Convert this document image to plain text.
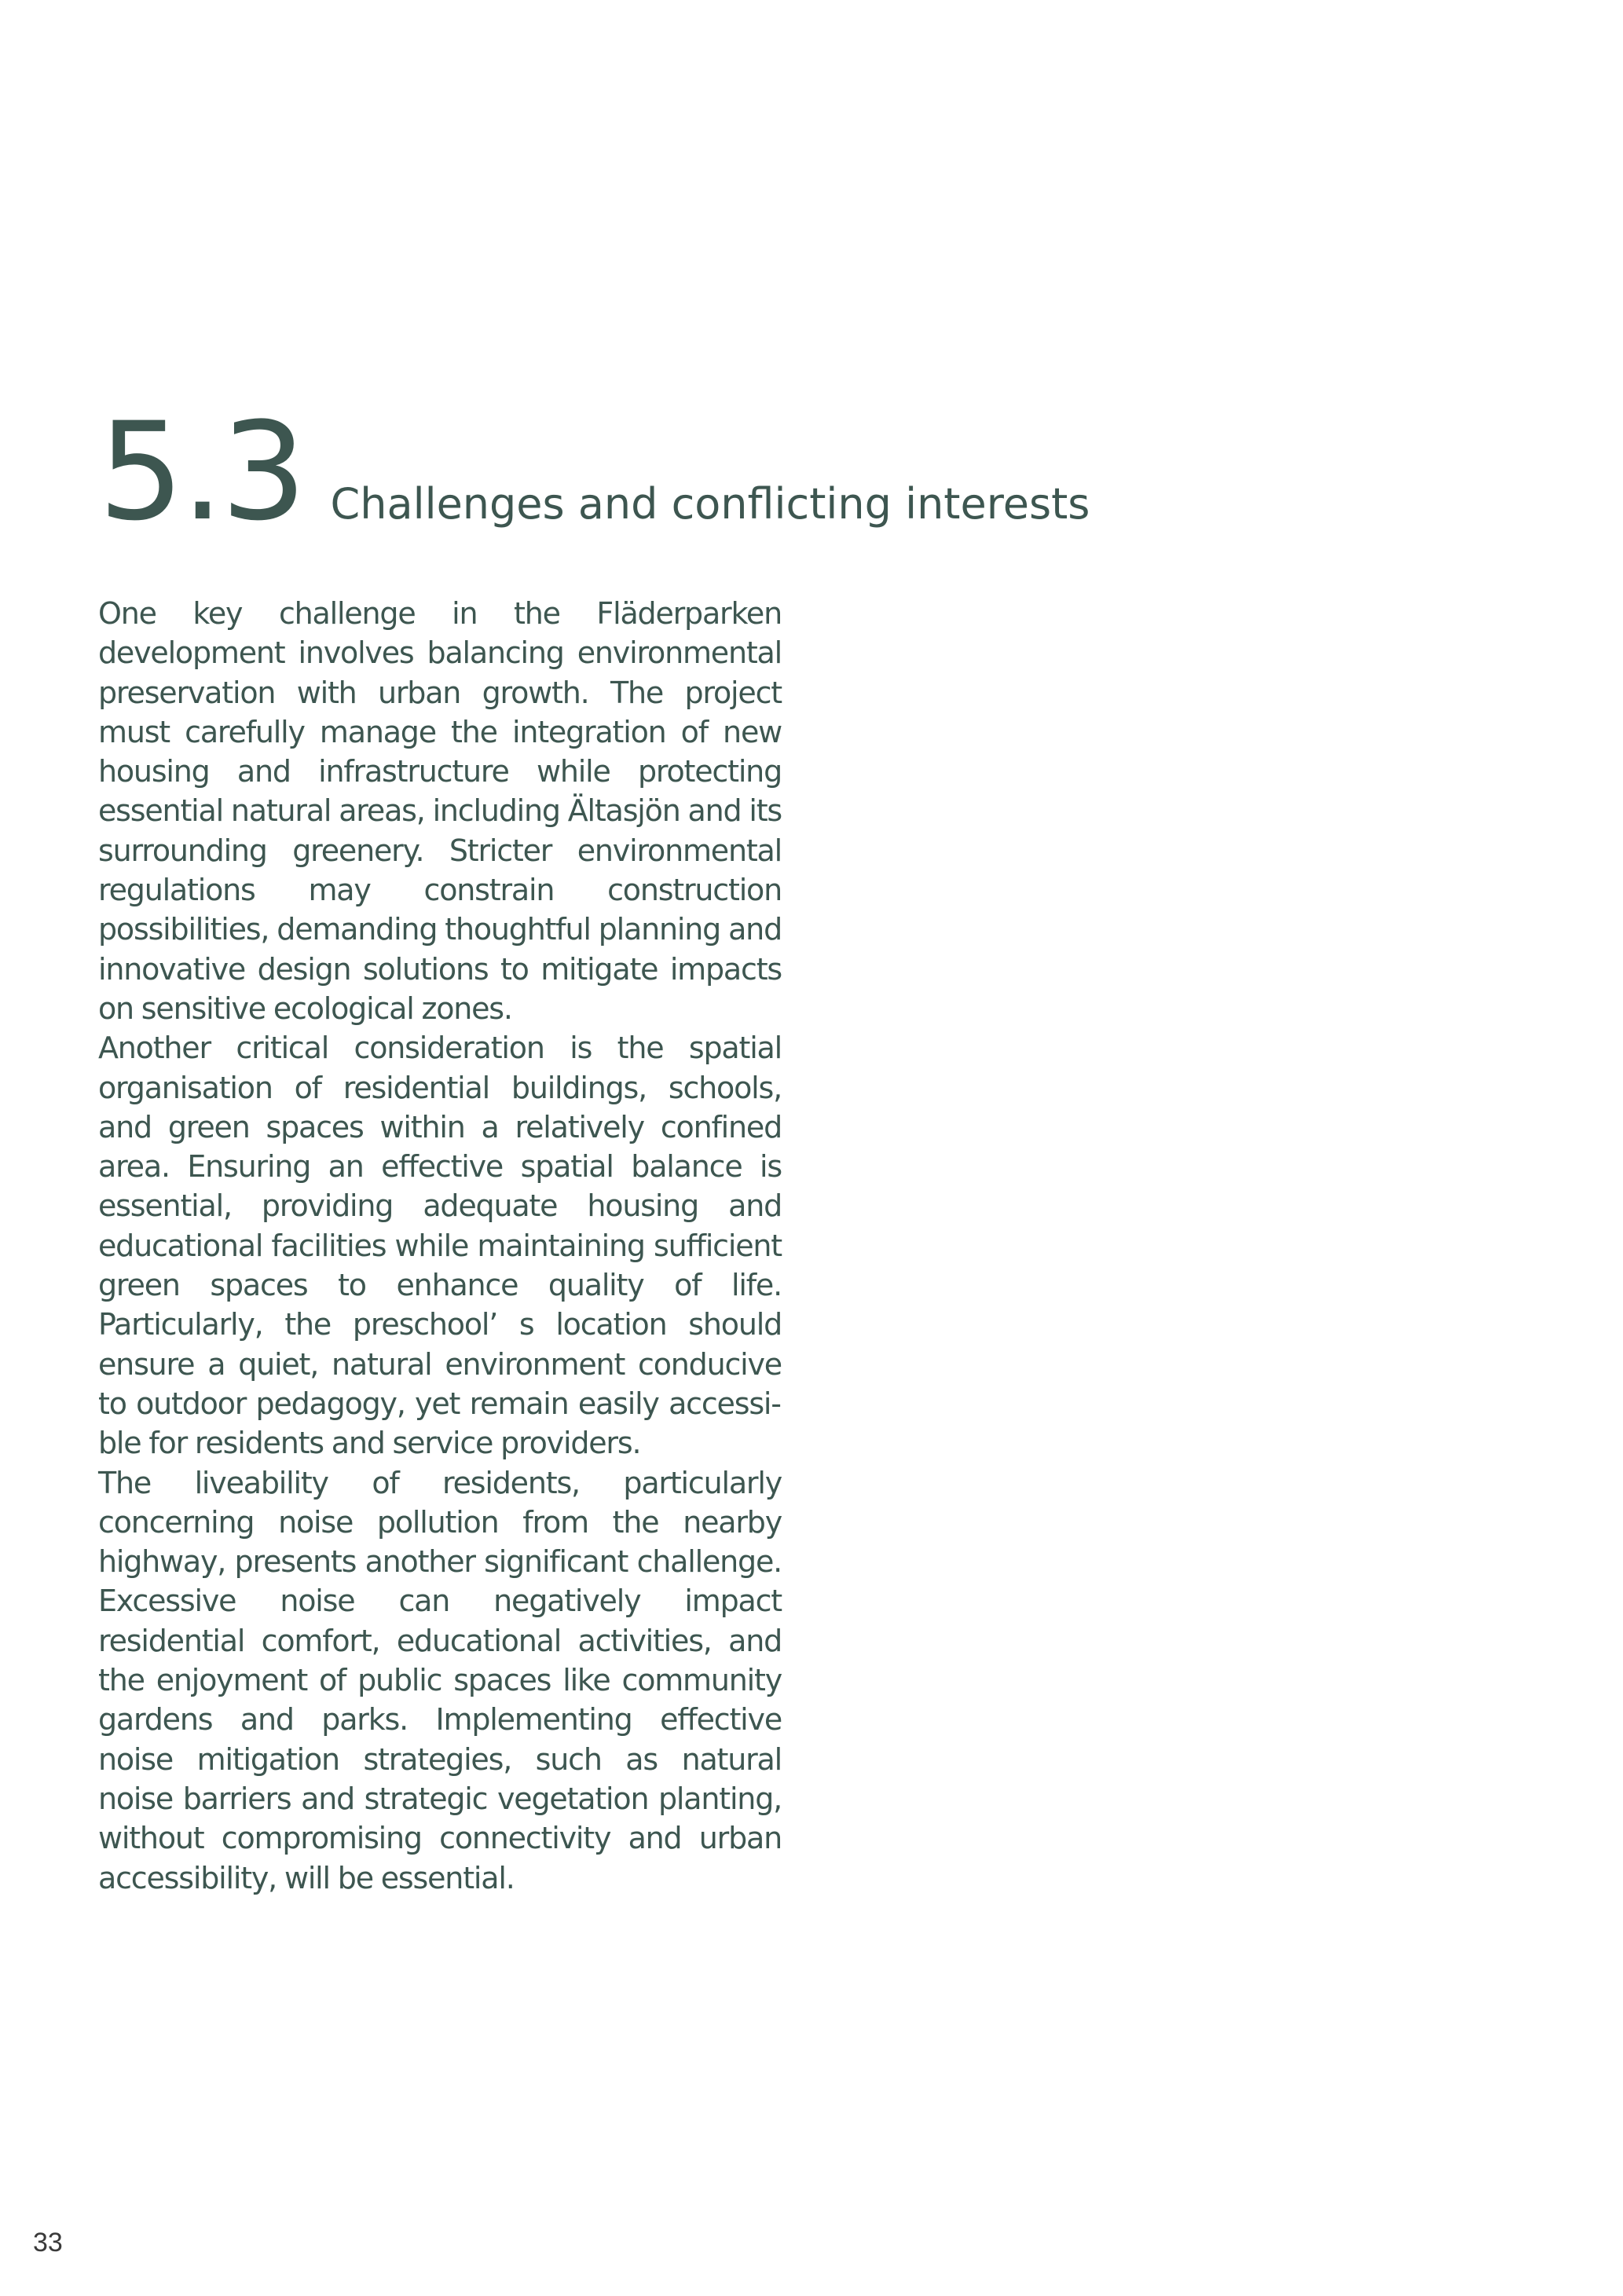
5.3 Challenges and conflicting interests

One key challenge in the Fläderparken development involves balancing environmental preservation with urban growth. The project must carefully manage the integration of new housing and infrastructure while protecting essential natural areas, including Ältasjön and its surrounding greenery. Stricter environmental regulations may constrain construction possibilities, demanding thoughtful planning and innovative design solutions to mitigate impacts on sensitive ecological zones.

Another critical consideration is the spatial organisation of residential buildings, schools, and green spaces within a relatively confined area. Ensuring an effective spatial balance is essential, providing adequate housing and educational facilities while maintaining sufficient green spaces to enhance quality of life. Particularly, the preschool’ s location should ensure a quiet, natural environment conducive to outdoor pedagogy, yet remain easily accessible for residents and service providers.

The liveability of residents, particularly concerning noise pollution from the nearby highway, presents another significant challenge. Excessive noise can negatively impact residential comfort, educational activities, and the enjoyment of public spaces like community gardens and parks. Implementing effective noise mitigation strategies, such as natural noise barriers and strategic vegetation planting, without compromising connectivity and urban accessibility, will be essential.

33
